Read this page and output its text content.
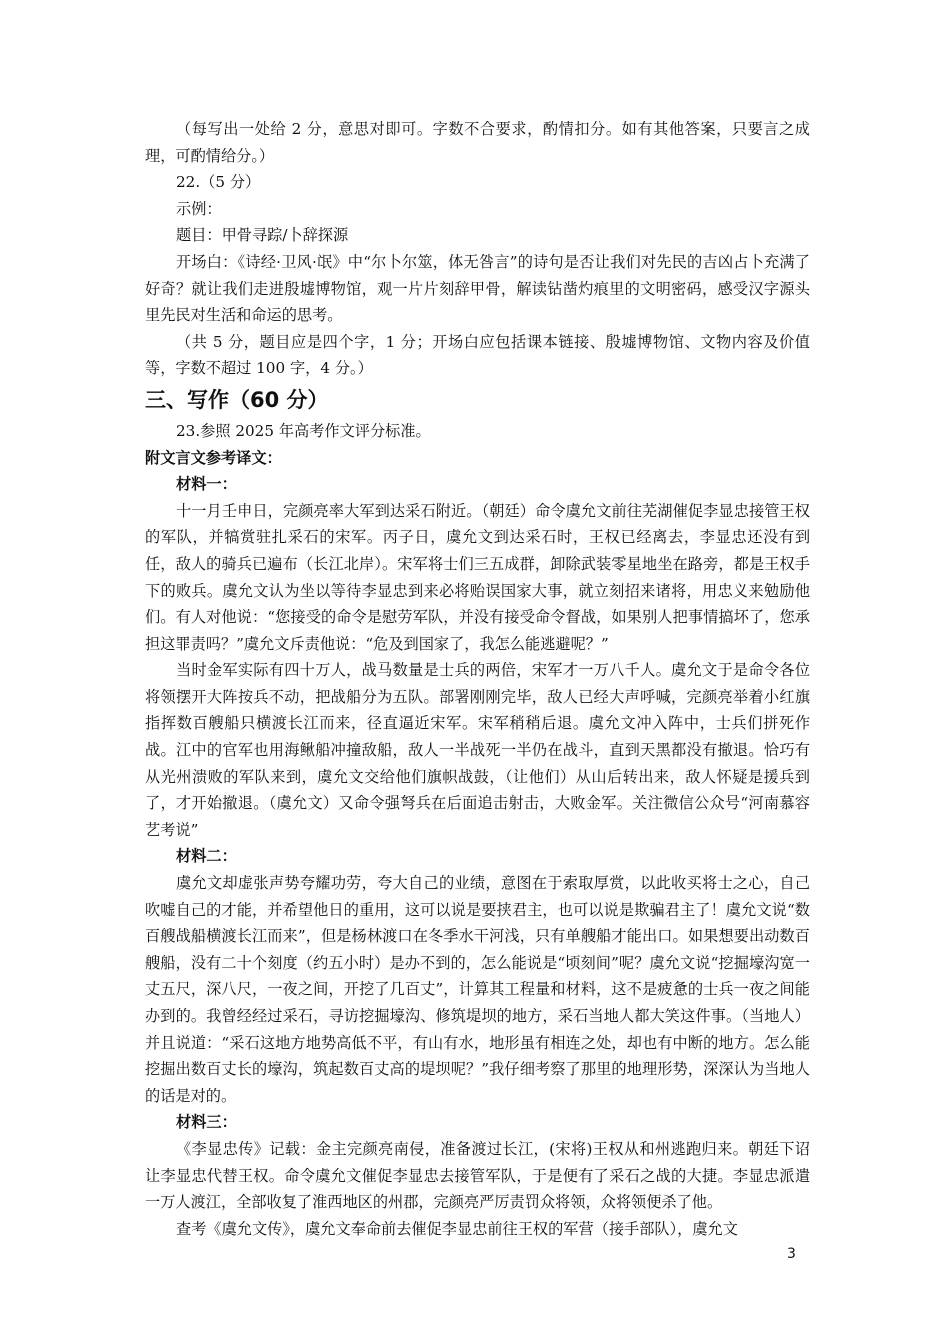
（每写出一处给 2 分，意思对即可。字数不合要求，酌情扣分。如有其他答案，只要言之成理，可酌情给分。）

22.（5 分）

示例：

题目：甲骨寻踪/卜辞探源

开场白：《诗经·卫风·氓》中“尔卜尔筮，体无咎言”的诗句是否让我们对先民的吉凶占卜充满了好奇？就让我们走进殷墟博物馆，观一片片刻辞甲骨，解读钻凿灼痕里的文明密码，感受汉字源头里先民对生活和命运的思考。

（共 5 分，题目应是四个字，1 分；开场白应包括课本链接、殷墟博物馆、文物内容及价值等，字数不超过 100 字，4 分。）

三、写作（60 分）

23.参照 2025 年高考作文评分标准。

附文言文参考译文：

材料一：

十一月壬申日，完颜亮率大军到达采石附近。（朝廷）命令虞允文前往芜湖催促李显忠接管王权的军队，并犒赏驻扎采石的宋军。丙子日，虞允文到达采石时，王权已经离去，李显忠还没有到任，敌人的骑兵已遍布（长江北岸）。宋军将士们三五成群，卸除武装零星地坐在路旁，都是王权手下的败兵。虞允文认为坐以等待李显忠到来必将贻误国家大事，就立刻招来诸将，用忠义来勉励他们。有人对他说：“您接受的命令是慰劳军队，并没有接受命令督战，如果别人把事情搞坏了，您承担这罪责吗？”虞允文斥责他说：“危及到国家了，我怎么能逃避呢？”

当时金军实际有四十万人，战马数量是士兵的两倍，宋军才一万八千人。虞允文于是命令各位将领摆开大阵按兵不动，把战船分为五队。部署刚刚完毕，敌人已经大声呼喊，完颜亮举着小红旗指挥数百艘船只横渡长江而来，径直逼近宋军。宋军稍稍后退。虞允文冲入阵中，士兵们拼死作战。江中的官军也用海鳅船冲撞敌船，敌人一半战死一半仍在战斗，直到天黑都没有撤退。恰巧有从光州溃败的军队来到，虞允文交给他们旗帜战鼓，（让他们）从山后转出来，敌人怀疑是援兵到了，才开始撤退。（虞允文）又命令强弩兵在后面追击射击，大败金军。关注微信公众号“河南慕容艺考说”

材料二：

虞允文却虚张声势夸耀功劳，夸大自己的业绩，意图在于索取厚赏，以此收买将士之心，自己吹嘘自己的才能，并希望他日的重用，这可以说是要挟君主，也可以说是欺骗君主了！虞允文说“数百艘战船横渡长江而来”，但是杨林渡口在冬季水干河浅，只有单艘船才能出口。如果想要出动数百艘船，没有二十个刻度（约五小时）是办不到的，怎么能说是“顷刻间”呢？虞允文说“挖掘壕沟宽一丈五尺，深八尺，一夜之间，开挖了几百丈”，计算其工程量和材料，这不是疲惫的士兵一夜之间能办到的。我曾经经过采石，寻访挖掘壕沟、修筑堤坝的地方，采石当地人都大笑这件事。（当地人）并且说道：“采石这地方地势高低不平，有山有水，地形虽有相连之处，却也有中断的地方。怎么能挖掘出数百丈长的壕沟，筑起数百丈高的堤坝呢？”我仔细考察了那里的地理形势，深深认为当地人的话是对的。

材料三：

《李显忠传》记载：金主完颜亮南侵，准备渡过长江，(宋将)王权从和州逃跑归来。朝廷下诏让李显忠代替王权。命令虞允文催促李显忠去接管军队，于是便有了采石之战的大捷。李显忠派遣一万人渡江，全部收复了淮西地区的州郡，完颜亮严厉责罚众将领，众将领便杀了他。

查考《虞允文传》，虞允文奉命前去催促李显忠前往王权的军营（接手部队），虞允文

3
